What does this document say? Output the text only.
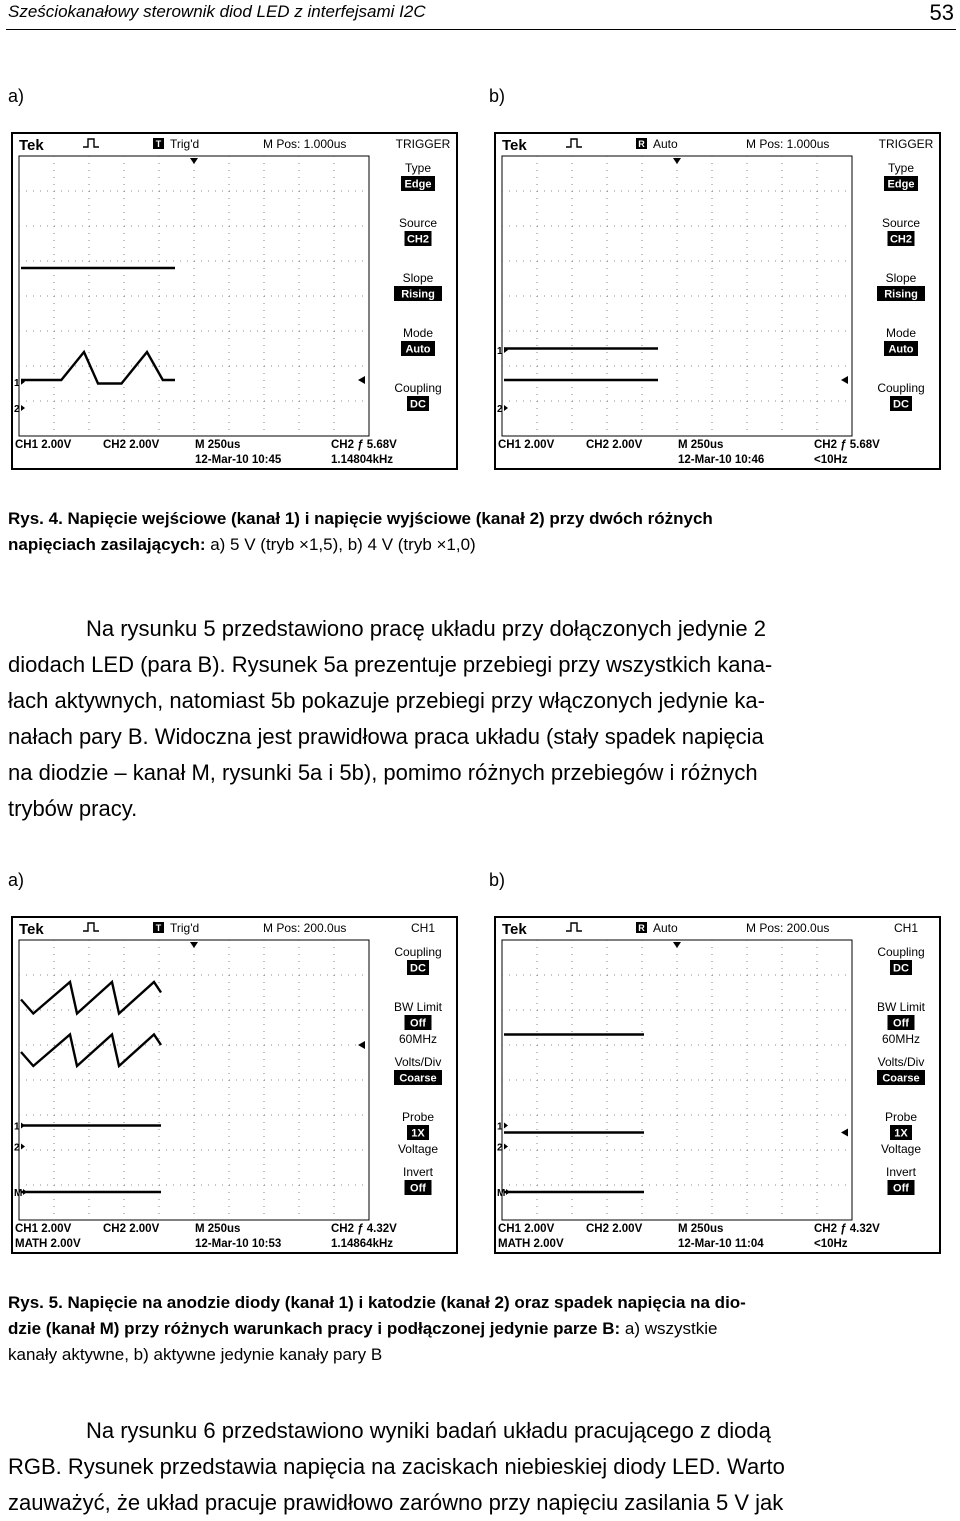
Sześciokanałowy sterownik diod LED z interfejsami I2C	53
a)	b)
Tek	T Trig'd	M Pos: 1.000us	TRIGGER
1
2
Type
Edge
Source
CH2
Slope
Rising
Mode
Auto
Coupling
DC
CH1 2.00V	CH2 2.00V	M 250us	CH2 ƒ 5.68V
12-Mar-10 10:45	1.14804kHz
Tek	R Auto	M Pos: 1.000us	TRIGGER
1
2
Type
Edge
Source
CH2
Slope
Rising
Mode
Auto
Coupling
DC
CH1 2.00V	CH2 2.00V	M 250us	CH2 ƒ 5.68V
12-Mar-10 10:46	<10Hz
Rys. 4. Napięcie wejściowe (kanał 1) i napięcie wyjściowe (kanał 2) przy dwóch różnych
napięciach zasilających: a) 5 V (tryb ×1,5), b) 4 V (tryb ×1,0)
Na rysunku 5 przedstawiono pracę układu przy dołączonych jedynie 2
diodach LED (para B). Rysunek 5a prezentuje przebiegi przy wszystkich kana-
łach aktywnych, natomiast 5b pokazuje przebiegi przy włączonych jedynie ka-
nałach pary B. Widoczna jest prawidłowa praca układu (stały spadek napięcia
na diodzie – kanał M, rysunki 5a i 5b), pomimo różnych przebiegów i różnych
trybów pracy.
a)	b)
Tek	T Trig'd	M Pos: 200.0us	CH1
1
2
M
Coupling
DC
BW Limit
Off
60MHz
Volts/Div
Coarse
Probe
1X
Voltage
Invert
Off
CH1 2.00V	CH2 2.00V	M 250us	CH2 ƒ 4.32V
MATH 2.00V	12-Mar-10 10:53	1.14864kHz
Tek	R Auto	M Pos: 200.0us	CH1
1
2
M
Coupling
DC
BW Limit
Off
60MHz
Volts/Div
Coarse
Probe
1X
Voltage
Invert
Off
CH1 2.00V	CH2 2.00V	M 250us	CH2 ƒ 4.32V
MATH 2.00V	12-Mar-10 11:04	<10Hz
Rys. 5. Napięcie na anodzie diody (kanał 1) i katodzie (kanał 2) oraz spadek napięcia na dio-
dzie (kanał M) przy różnych warunkach pracy i podłączonej jedynie parze B: a) wszystkie
kanały aktywne, b) aktywne jedynie kanały pary B
Na rysunku 6 przedstawiono wyniki badań układu pracującego z diodą
RGB. Rysunek przedstawia napięcia na zaciskach niebieskiej diody LED. Warto
zauważyć, że układ pracuje prawidłowo zarówno przy napięciu zasilania 5 V jak
